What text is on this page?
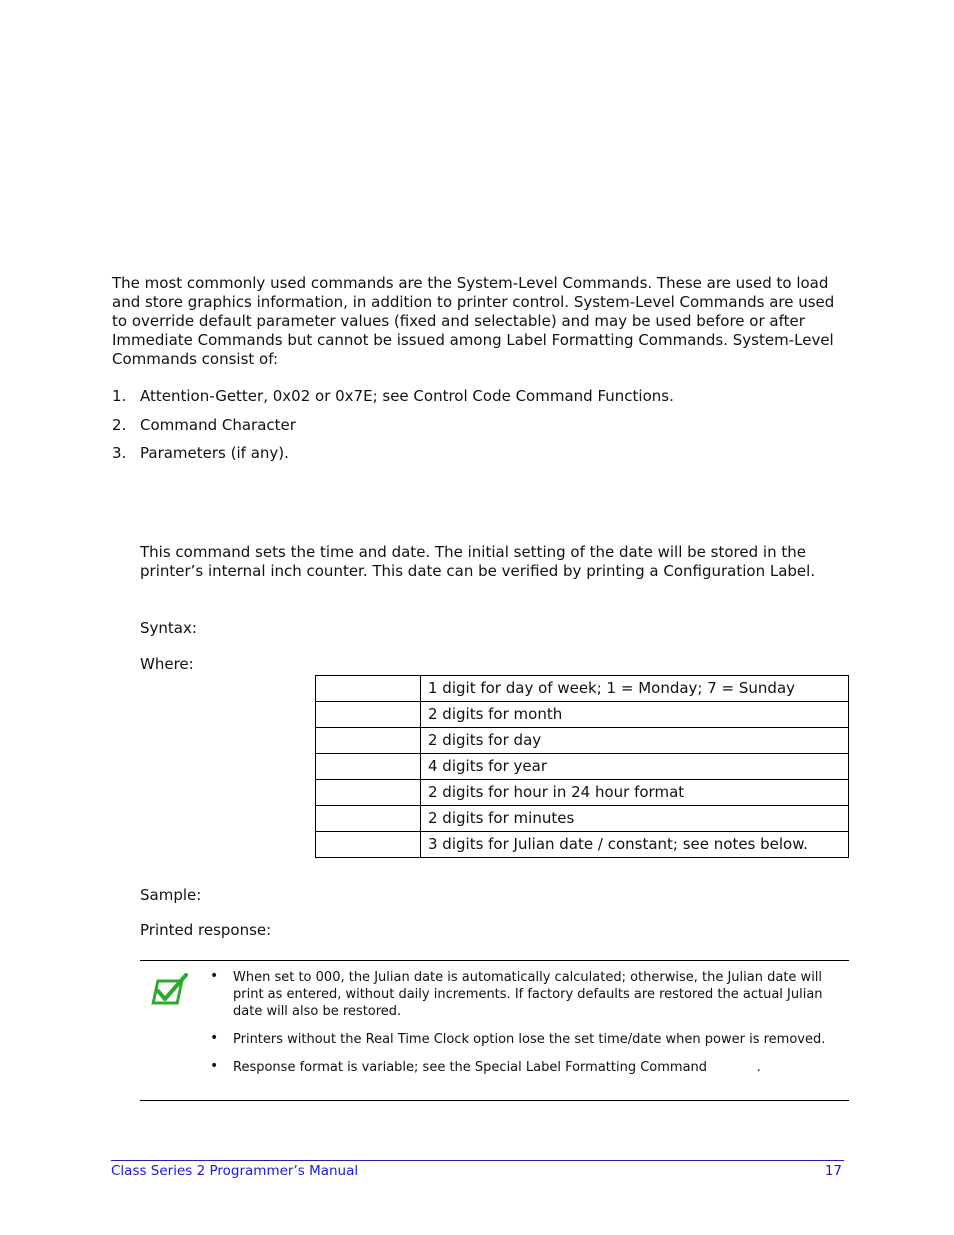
The most commonly used commands are the System-Level Commands. These are used to load and store graphics information, in addition to printer control. System-Level Commands are used to override default parameter values (fixed and selectable) and may be used before or after Immediate Commands but cannot be issued among Label Formatting Commands. System-Level Commands consist of:

1. Attention-Getter, 0x02 or 0x7E; see Control Code Command Functions.
2. Command Character
3. Parameters (if any).

This command sets the time and date. The initial setting of the date will be stored in the printer’s internal inch counter. This date can be verified by printing a Configuration Label.

Syntax:

Where:

	1 digit for day of week; 1 = Monday; 7 = Sunday
	2 digits for month
	2 digits for day
	4 digits for year
	2 digits for hour in 24 hour format
	2 digits for minutes
	3 digits for Julian date / constant; see notes below.

Sample:

Printed response:

• When set to 000, the Julian date is automatically calculated; otherwise, the Julian date will print as entered, without daily increments. If factory defaults are restored the actual Julian date will also be restored.
• Printers without the Real Time Clock option lose the set time/date when power is removed.
• Response format is variable; see the Special Label Formatting Command            .
Class Series 2 Programmer’s Manual	17
